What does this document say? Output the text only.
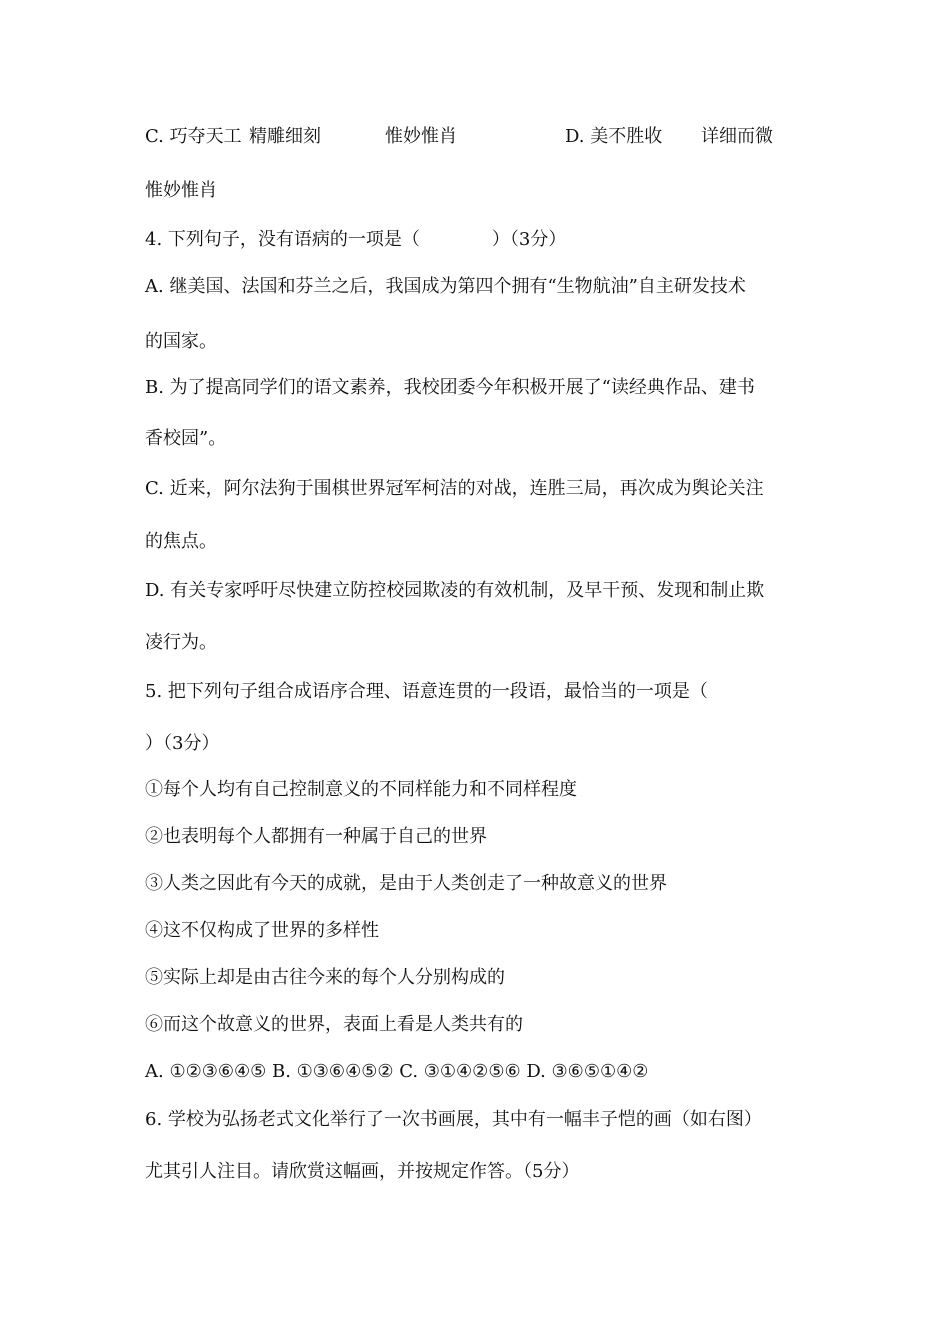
C. 巧夺天工 精雕细刻	惟妙惟肖	D. 美不胜收 详细而微
惟妙惟肖
4. 下列句子，没有语病的一项是（　　　　）（3分）
A. 继美国、法国和芬兰之后，我国成为第四个拥有“生物航油”自主研发技术
的国家。
B. 为了提高同学们的语文素养，我校团委今年积极开展了“读经典作品、建书
香校园”。
C. 近来，阿尔法狗于围棋世界冠军柯洁的对战，连胜三局，再次成为舆论关注
的焦点。
D. 有关专家呼吁尽快建立防控校园欺凌的有效机制，及早干预、发现和制止欺
凌行为。
5. 把下列句子组合成语序合理、语意连贯的一段语，最恰当的一项是（
）（3分）
①每个人均有自己控制意义的不同样能力和不同样程度
②也表明每个人都拥有一种属于自己的世界
③人类之因此有今天的成就，是由于人类创走了一种故意义的世界
④这不仅构成了世界的多样性
⑤实际上却是由古往今来的每个人分别构成的
⑥而这个故意义的世界，表面上看是人类共有的
A. ①②③⑥④⑤ B. ①③⑥④⑤② C. ③①④②⑤⑥ D. ③⑥⑤①④②
6. 学校为弘扬老式文化举行了一次书画展，其中有一幅丰子恺的画（如右图）
尤其引人注目。请欣赏这幅画，并按规定作答。（5分）
